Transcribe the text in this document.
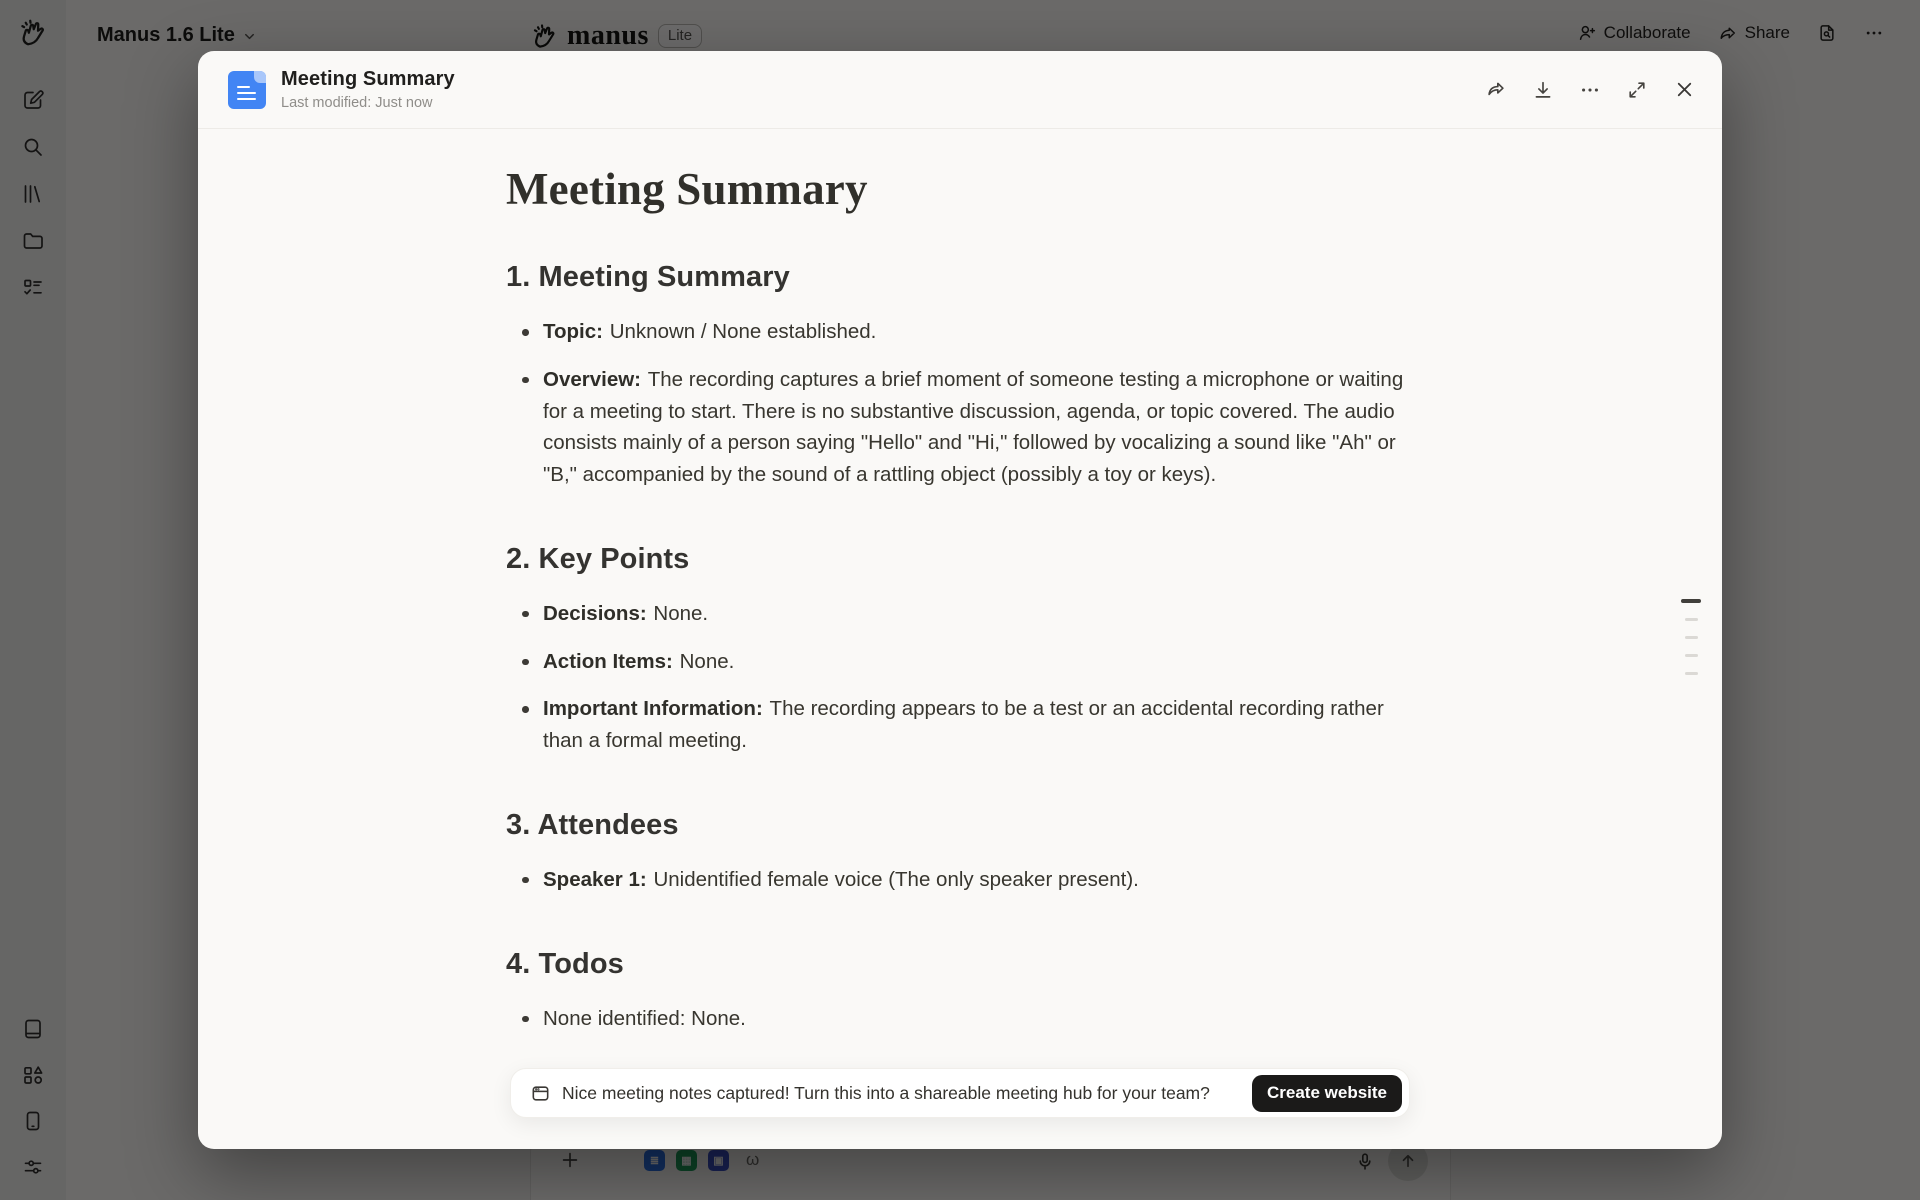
Meeting Summary
Last modified: Just now
Meeting Summary
1. Meeting Summary
Topic: Unknown / None established.
Overview: The recording captures a brief moment of someone testing a microphone or waiting for a meeting to start. There is no substantive discussion, agenda, or topic covered. The audio consists mainly of a person saying "Hello" and "Hi," followed by vocalizing a sound like "Ah" or "B," accompanied by the sound of a rattling object (possibly a toy or keys).
2. Key Points
Decisions: None.
Action Items: None.
Important Information: The recording appears to be a test or an accidental recording rather than a formal meeting.
3. Attendees
Speaker 1: Unidentified female voice (The only speaker present).
4. Todos
None identified: None.
Nice meeting notes captured! Turn this into a shareable meeting hub for your team?	Create website
